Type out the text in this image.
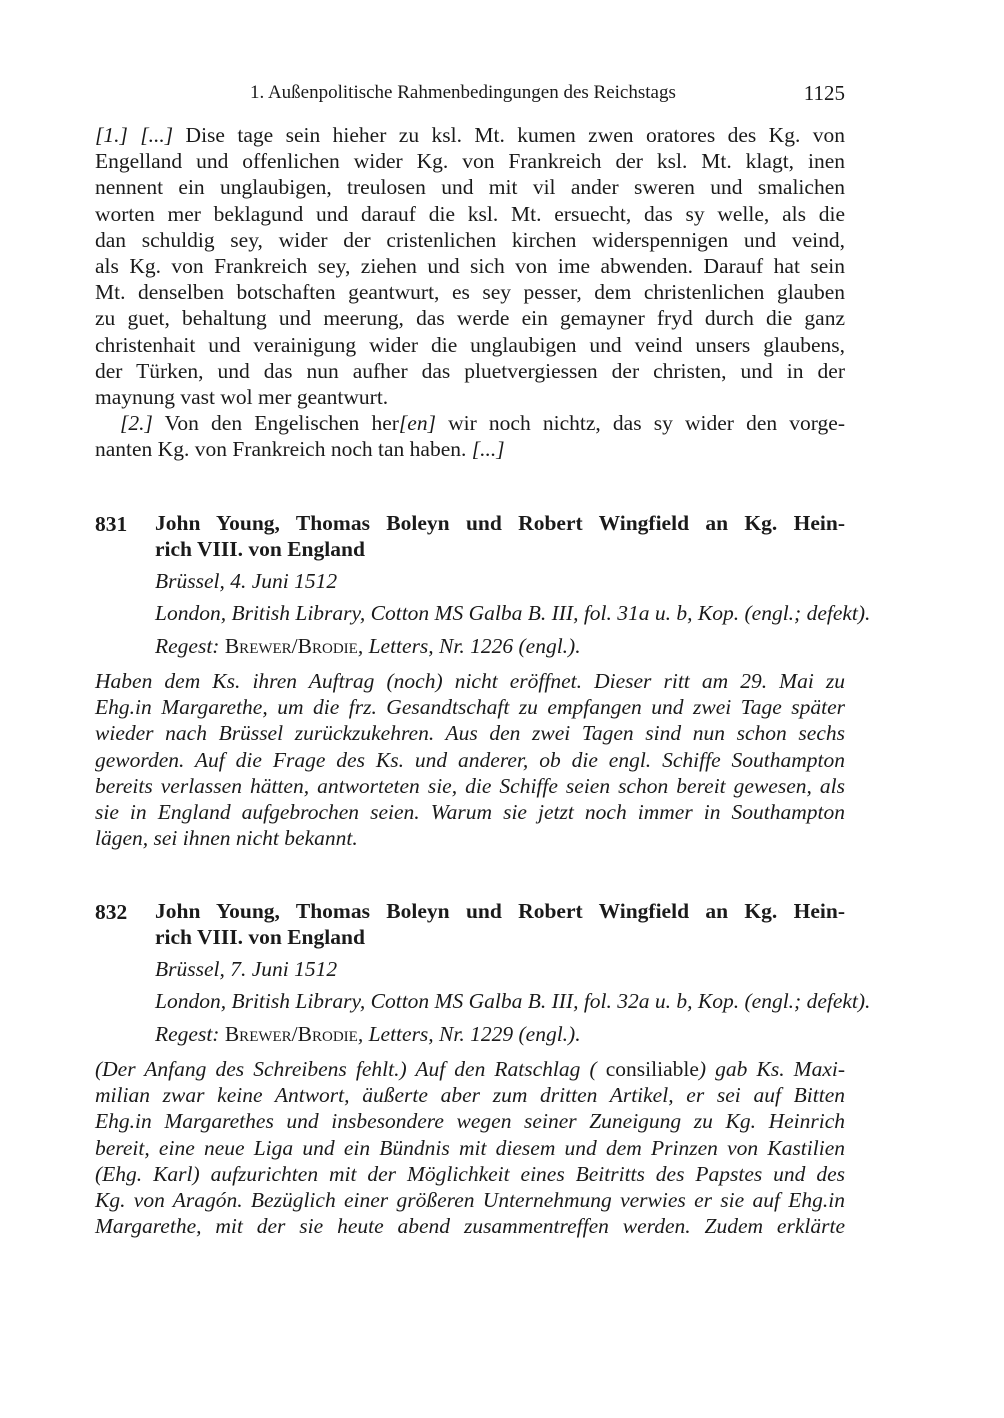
1. Außenpolitische Rahmenbedingungen des Reichstags	1125
[1.] [...] Dise tage sein hieher zu ksl. Mt. kumen zwen oratores des Kg. von
Engelland und offenlichen wider Kg. von Frankreich der ksl. Mt. klagt, inen
nennent ein unglaubigen, treulosen und mit vil ander sweren und smalichen
worten mer beklagund und darauf die ksl. Mt. ersuecht, das sy welle, als die
dan schuldig sey, wider der cristenlichen kirchen widerspennigen und veind,
als Kg. von Frankreich sey, ziehen und sich von ime abwenden. Darauf hat sein
Mt. denselben botschaften geantwurt, es sey pesser, dem christenlichen glauben
zu guet, behaltung und meerung, das werde ein gemayner fryd durch die ganz
christenhait und verainigung wider die unglaubigen und veind unsers glaubens,
der Türken, und das nun aufher das pluetvergiessen der christen, und in der
maynung vast wol mer geantwurt.
[2.] Von den Engelischen her[en] wir noch nichtz, das sy wider den vorge-
nanten Kg. von Frankreich noch tan haben. [...]
831 John Young, Thomas Boleyn und Robert Wingfield an Kg. Hein-
rich VIII. von England
Brüssel, 4. Juni 1512
London, British Library, Cotton MS Galba B. III, fol. 31a u. b, Kop. (engl.; defekt).
Regest: Brewer/Brodie, Letters, Nr. 1226 (engl.).
Haben dem Ks. ihren Auftrag (noch) nicht eröffnet. Dieser ritt am 29. Mai zu
Ehg.in Margarethe, um die frz. Gesandtschaft zu empfangen und zwei Tage später
wieder nach Brüssel zurückzukehren. Aus den zwei Tagen sind nun schon sechs
geworden. Auf die Frage des Ks. und anderer, ob die engl. Schiffe Southampton
bereits verlassen hätten, antworteten sie, die Schiffe seien schon bereit gewesen, als
sie in England aufgebrochen seien. Warum sie jetzt noch immer in Southampton
lägen, sei ihnen nicht bekannt.
832 John Young, Thomas Boleyn und Robert Wingfield an Kg. Hein-
rich VIII. von England
Brüssel, 7. Juni 1512
London, British Library, Cotton MS Galba B. III, fol. 32a u. b, Kop. (engl.; defekt).
Regest: Brewer/Brodie, Letters, Nr. 1229 (engl.).
(Der Anfang des Schreibens fehlt.) Auf den Ratschlag ( consiliable) gab Ks. Maxi-
milian zwar keine Antwort, äußerte aber zum dritten Artikel, er sei auf Bitten
Ehg.in Margarethes und insbesondere wegen seiner Zuneigung zu Kg. Heinrich
bereit, eine neue Liga und ein Bündnis mit diesem und dem Prinzen von Kastilien
(Ehg. Karl) aufzurichten mit der Möglichkeit eines Beitritts des Papstes und des
Kg. von Aragón. Bezüglich einer größeren Unternehmung verwies er sie auf Ehg.in
Margarethe, mit der sie heute abend zusammentreffen werden. Zudem erklärte
